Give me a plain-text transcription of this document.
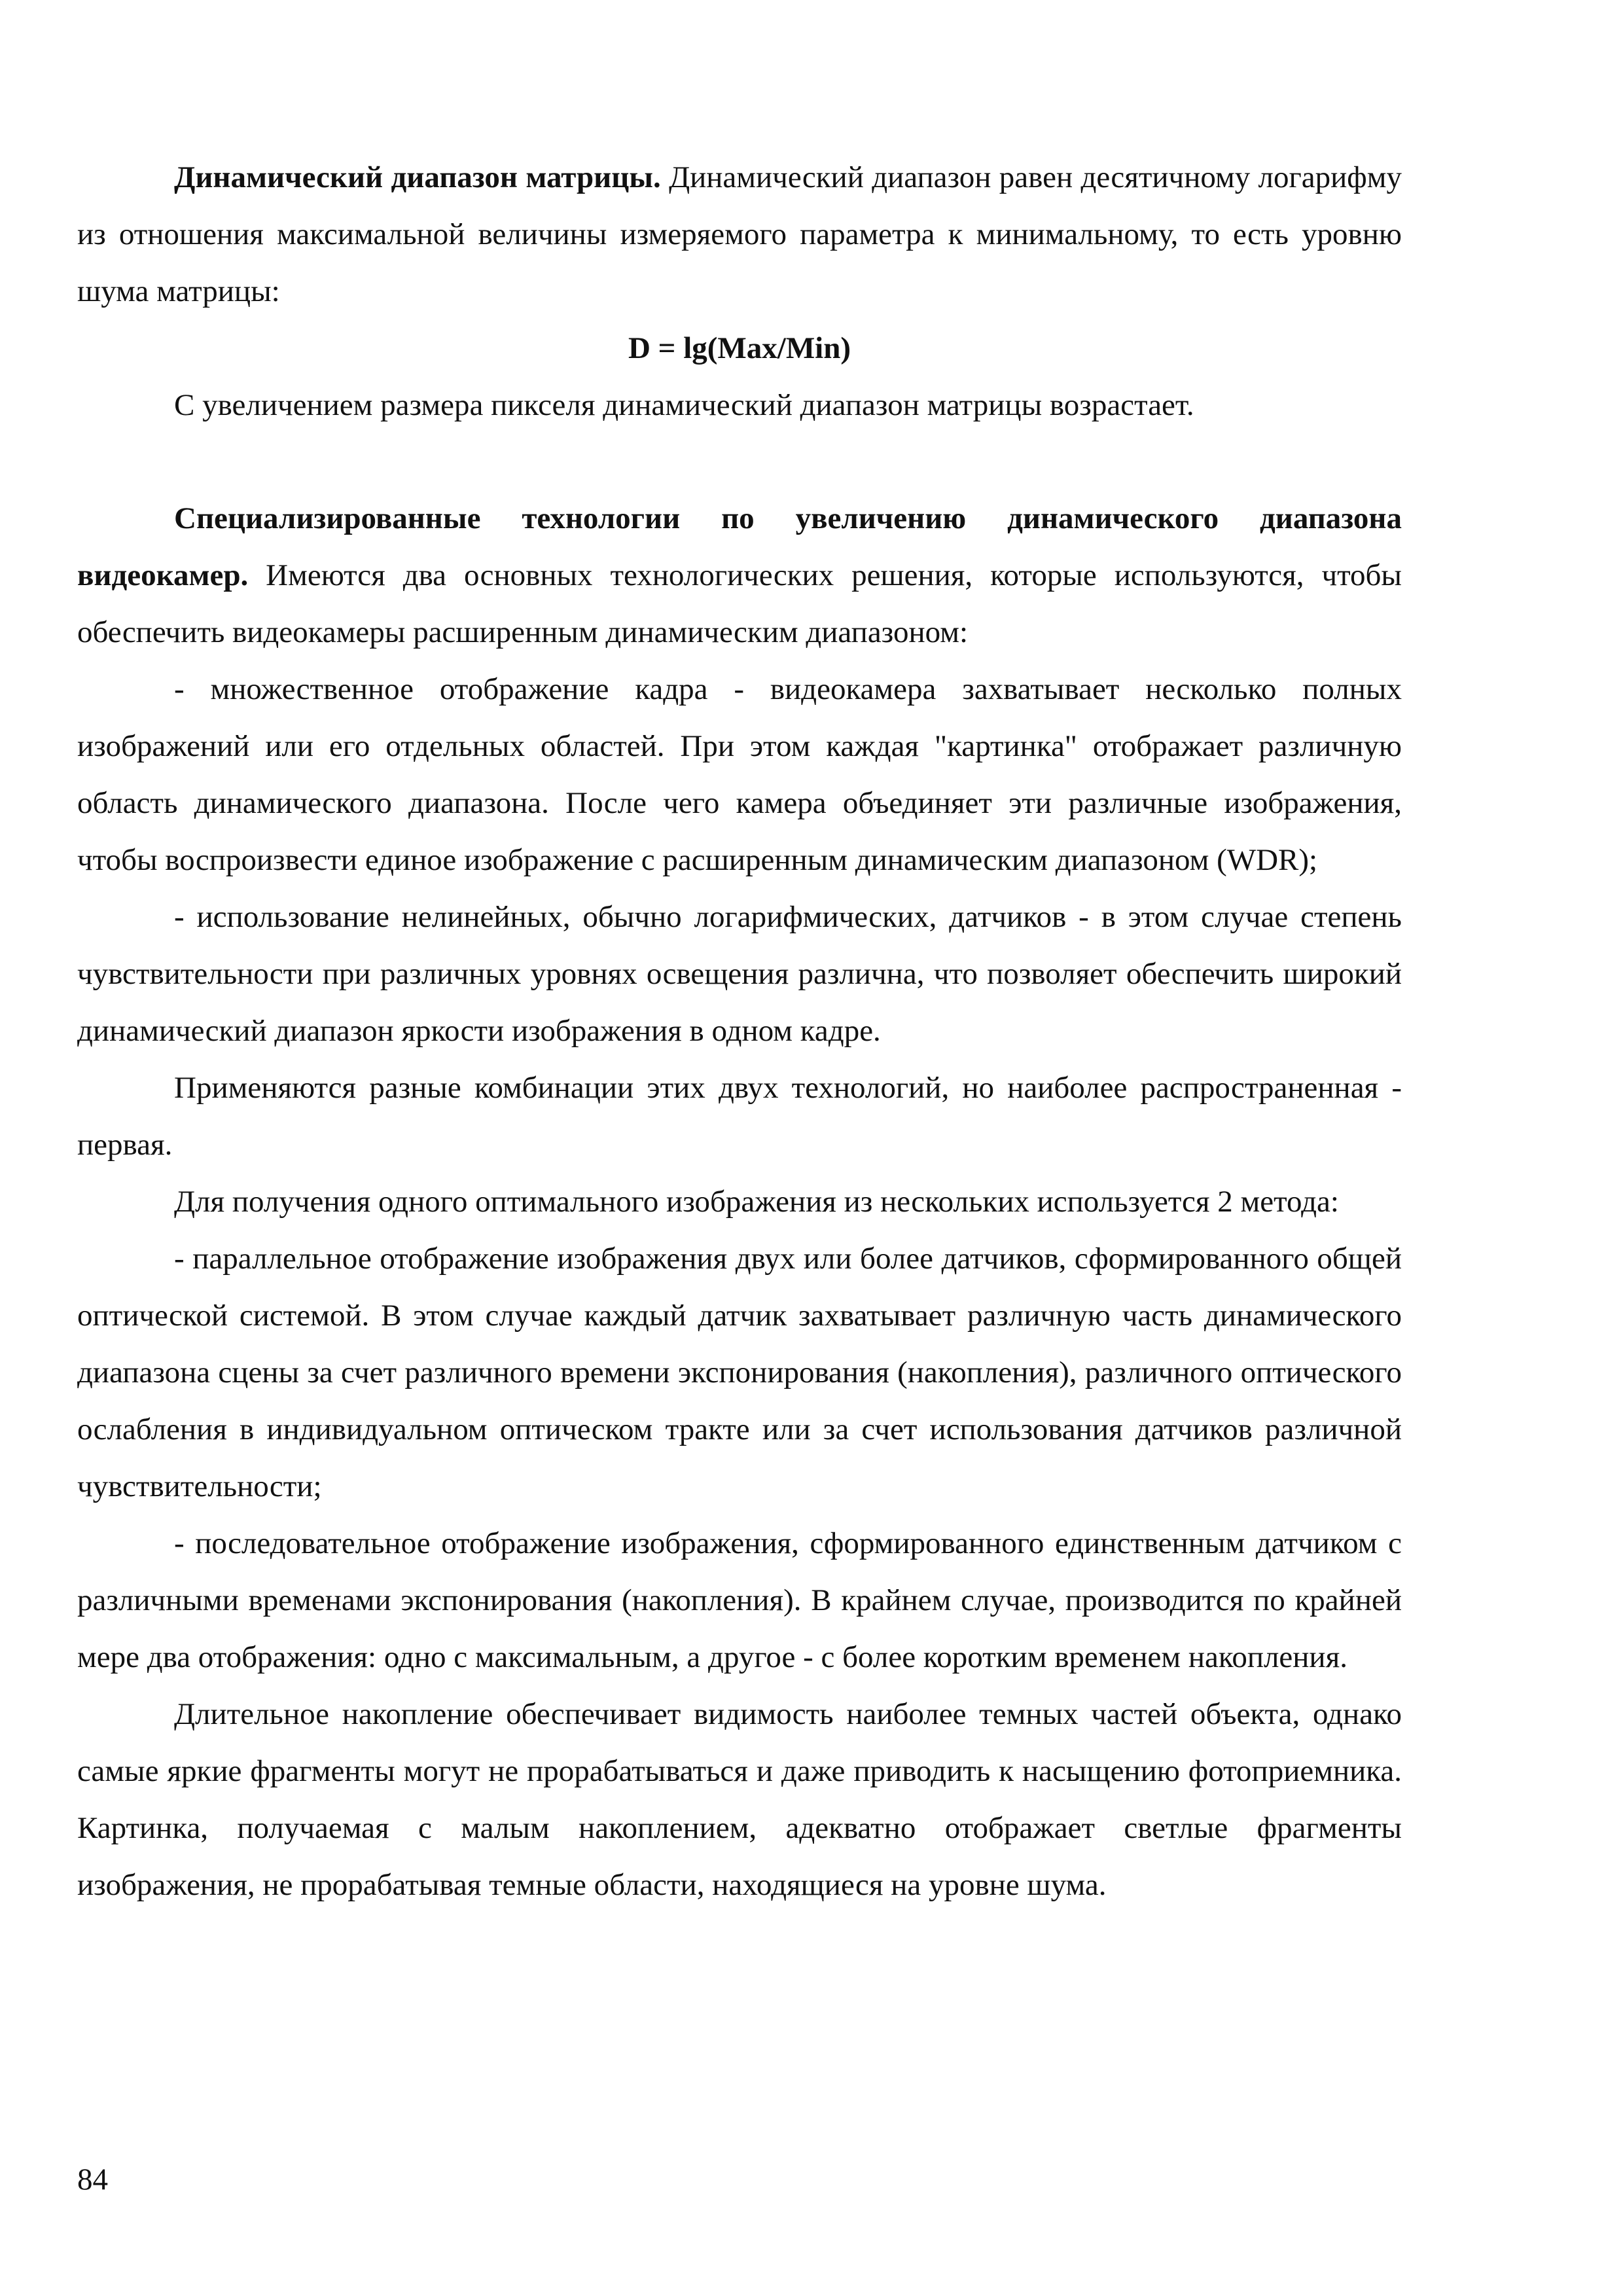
Динамический диапазон матрицы. Динамический диапазон равен десятичному логарифму из отношения максимальной величины измеряемого параметра к минимальному, то есть уровню шума матрицы:

D = lg(Max/Min)

С увеличением размера пикселя динамический диапазон матрицы возрастает.

Специализированные технологии по увеличению динамического диапазона видеокамер. Имеются два основных технологических решения, которые используются, чтобы обеспечить видеокамеры расширенным динамическим диапазоном:

- множественное отображение кадра - видеокамера захватывает несколько полных изображений или его отдельных областей. При этом каждая "картинка" отображает различную область динамического диапазона. После чего камера объединяет эти различные изображения, чтобы воспроизвести единое изображение с расширенным динамическим диапазоном (WDR);

- использование нелинейных, обычно логарифмических, датчиков - в этом случае степень чувствительности при различных уровнях освещения различна, что позволяет обеспечить широкий динамический диапазон яркости изображения в одном кадре.

Применяются разные комбинации этих двух технологий, но наиболее распространенная - первая.

Для получения одного оптимального изображения из нескольких используется 2 метода:

- параллельное отображение изображения двух или более датчиков, сформированного общей оптической системой. В этом случае каждый датчик захватывает различную часть динамического диапазона сцены за счет различного времени экспонирования (накопления), различного оптического ослабления в индивидуальном оптическом тракте или за счет использования датчиков различной чувствительности;

- последовательное отображение изображения, сформированного единственным датчиком с различными временами экспонирования (накопления). В крайнем случае, производится по крайней мере два отображения: одно с максимальным, а другое - с более коротким временем накопления.

Длительное накопление обеспечивает видимость наиболее темных частей объекта, однако самые яркие фрагменты могут не прорабатываться и даже приводить к насыщению фотоприемника. Картинка, получаемая с малым накоплением, адекватно отображает светлые фрагменты изображения, не прорабатывая темные области, находящиеся на уровне шума.

84
